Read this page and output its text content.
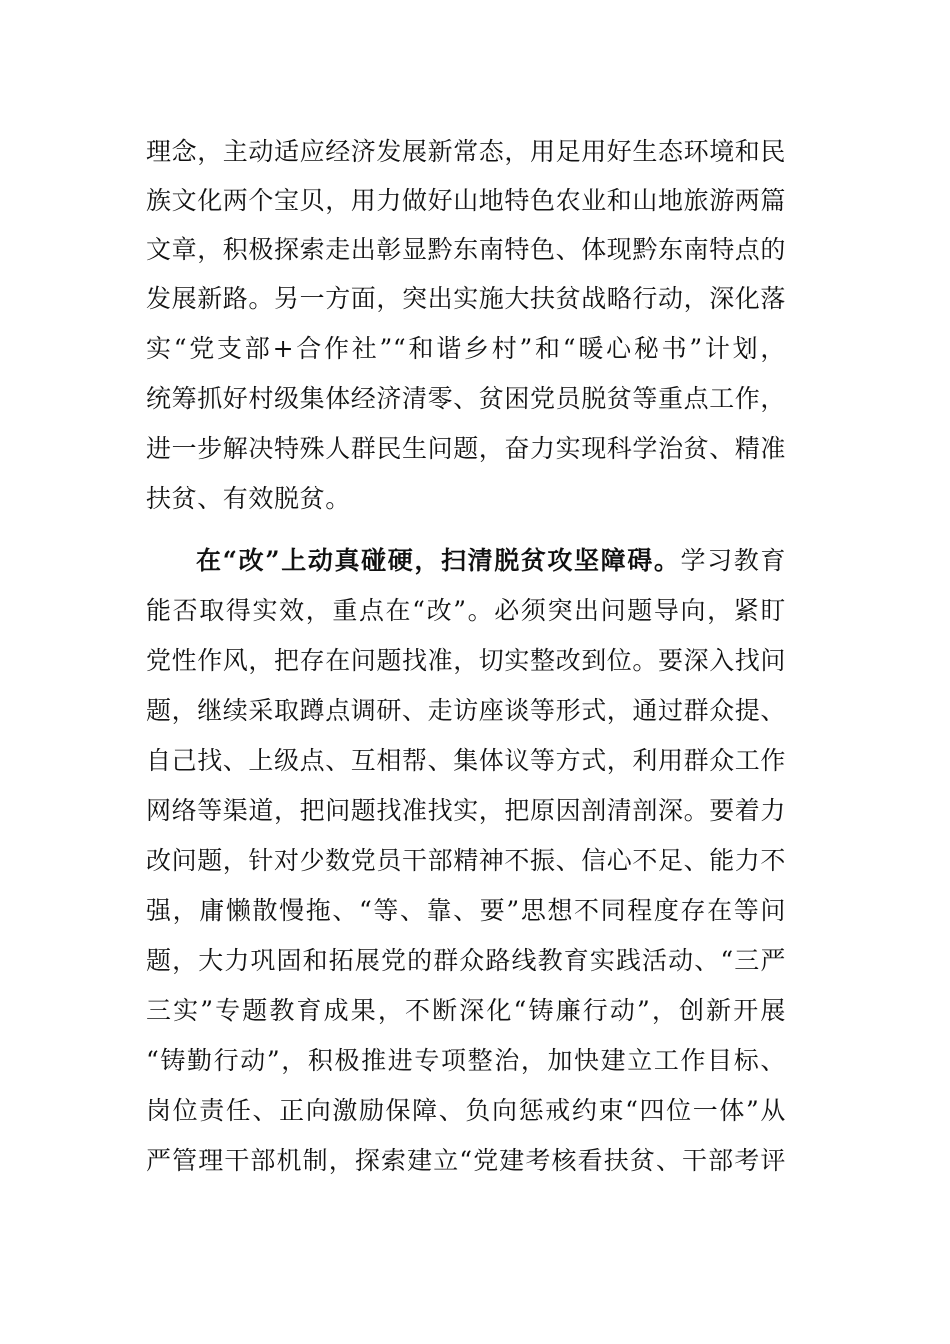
理念，主动适应经济发展新常态，用足用好生态环境和民
族文化两个宝贝，用力做好山地特色农业和山地旅游两篇
文章，积极探索走出彰显黔东南特色、体现黔东南特点的
发展新路。另一方面，突出实施大扶贫战略行动，深化落
实“党支部+合作社”“和谐乡村”和“暖心秘书”计划，
统筹抓好村级集体经济清零、贫困党员脱贫等重点工作，
进一步解决特殊人群民生问题，奋力实现科学治贫、精准
扶贫、有效脱贫。
在“改”上动真碰硬，扫清脱贫攻坚障碍。学习教育
能否取得实效，重点在“改”。必须突出问题导向，紧盯
党性作风，把存在问题找准，切实整改到位。要深入找问
题，继续采取蹲点调研、走访座谈等形式，通过群众提、
自己找、上级点、互相帮、集体议等方式，利用群众工作
网络等渠道，把问题找准找实，把原因剖清剖深。要着力
改问题，针对少数党员干部精神不振、信心不足、能力不
强，庸懒散慢拖、“等、靠、要”思想不同程度存在等问
题，大力巩固和拓展党的群众路线教育实践活动、“三严
三实”专题教育成果，不断深化“铸廉行动”，创新开展
“铸勤行动”，积极推进专项整治，加快建立工作目标、
岗位责任、正向激励保障、负向惩戒约束“四位一体”从
严管理干部机制，探索建立“党建考核看扶贫、干部考评
